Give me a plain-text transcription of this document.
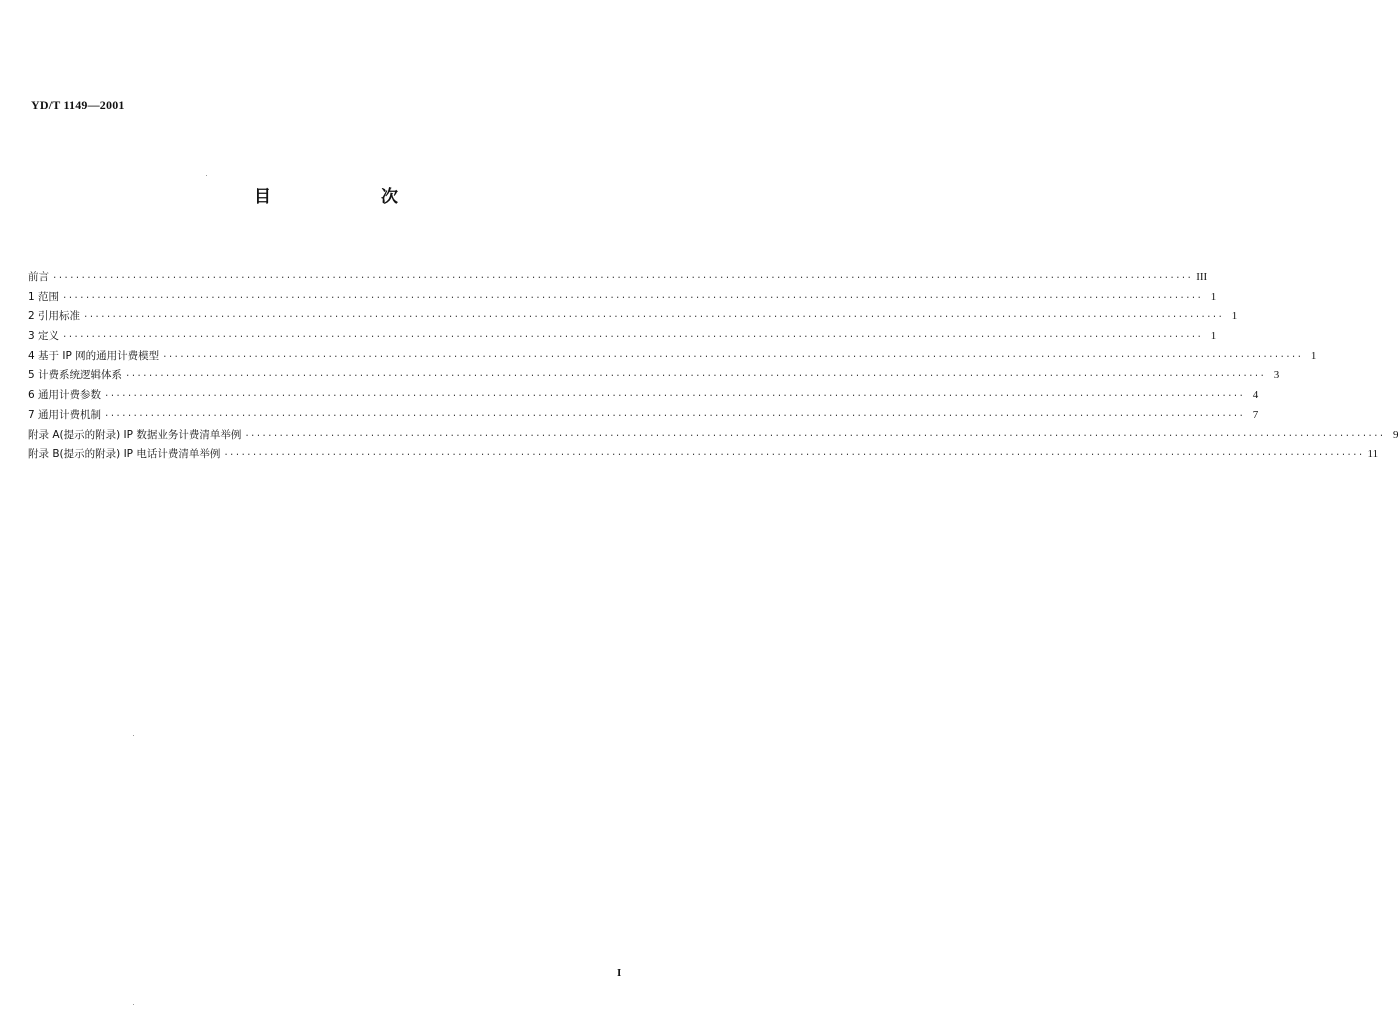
YD/T 1149—2001
目 次
前言 ········································································································································································································ III
1 范围 ········································································································································································································ 1
2 引用标准 ········································································································································································································ 1
3 定义 ········································································································································································································ 1
4 基于 IP 网的通用计费模型 ········································································································································································································ 1
5 计费系统逻辑体系 ········································································································································································································ 3
6 通用计费参数 ········································································································································································································ 4
7 通用计费机制 ········································································································································································································ 7
附录 A(提示的附录) IP 数据业务计费清单举例 ········································································································································································································ 9
附录 B(提示的附录) IP 电话计费清单举例 ········································································································································································································ 11
I
